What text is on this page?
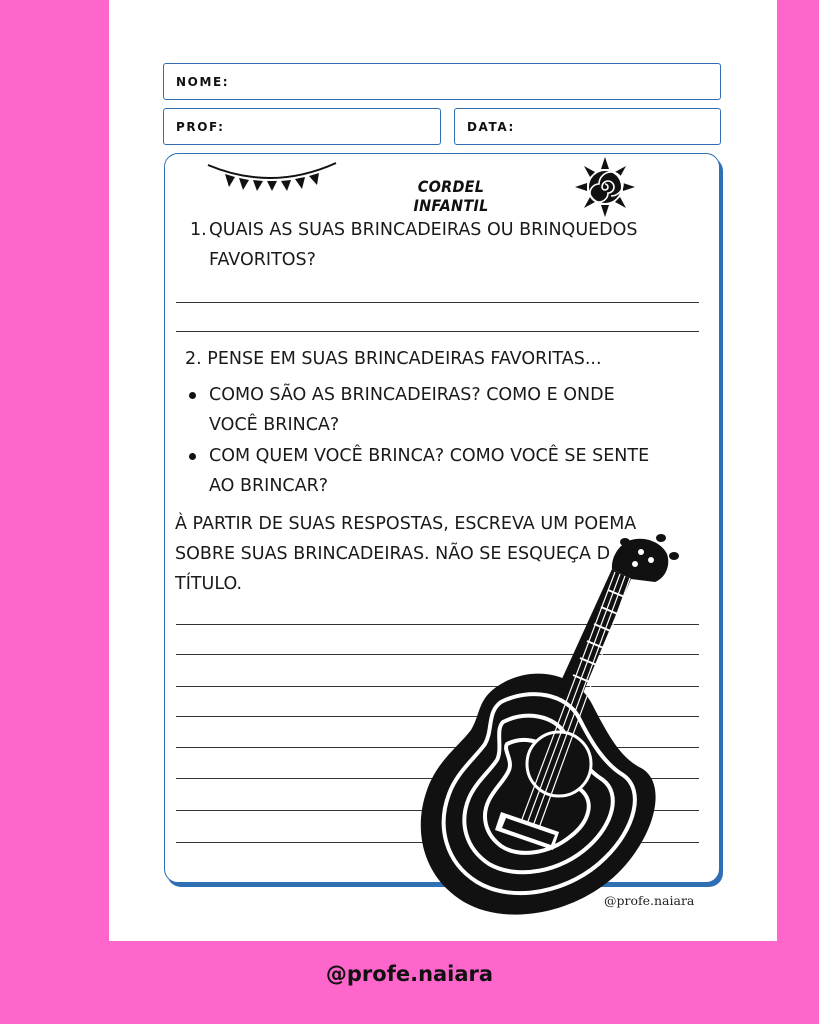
NOME:
PROF:	DATA:
CORDEL INFANTIL
1. QUAIS AS SUAS BRINCADEIRAS OU BRINQUEDOS
FAVORITOS?
2. PENSE EM SUAS BRINCADEIRAS FAVORITAS...
COMO SÃO AS BRINCADEIRAS? COMO E ONDE
VOCÊ BRINCA?
COM QUEM VOCÊ BRINCA? COMO VOCÊ SE SENTE
AO BRINCAR?
À PARTIR DE SUAS RESPOSTAS, ESCREVA UM POEMA
SOBRE SUAS BRINCADEIRAS. NÃO SE ESQUEÇA D
TÍTULO.
@profe.naiara
@profe.naiara
